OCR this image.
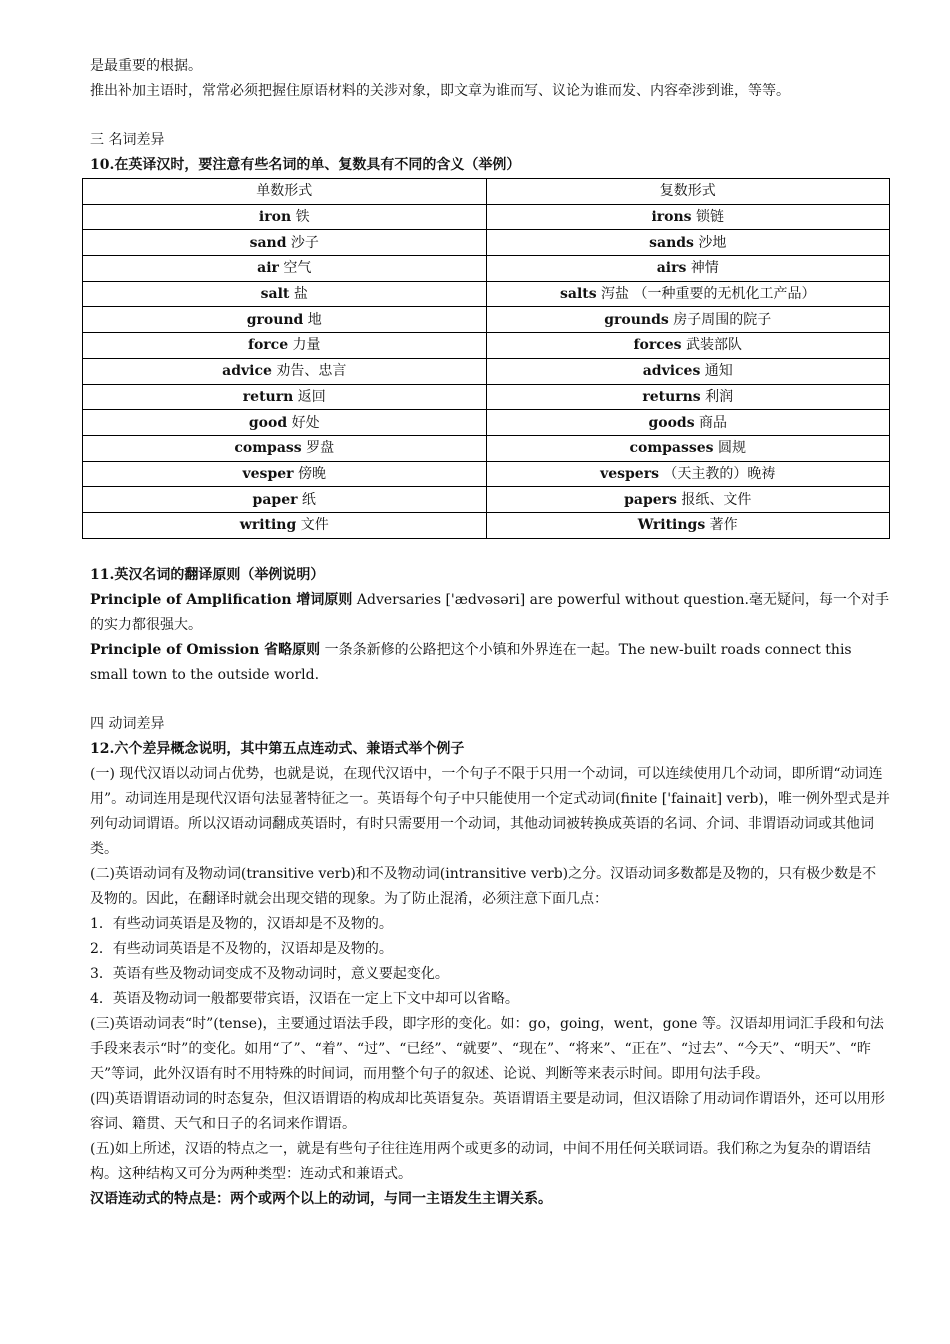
是最重要的根据。

推出补加主语时，常常必须把握住原语材料的关涉对象，即文章为谁而写、议论为谁而发、内容牵涉到谁，等等。

三 名词差异

10.在英译汉时，要注意有些名词的单、复数具有不同的含义（举例）

单数形式	复数形式
iron 铁	irons 锁链
sand 沙子	sands 沙地
air 空气	airs 神情
salt 盐	salts 泻盐 （一种重要的无机化工产品）
ground 地	grounds 房子周围的院子
force 力量	forces 武装部队
advice 劝告、忠言	advices 通知
return 返回	returns 利润
good 好处	goods 商品
compass 罗盘	compasses 圆规
vesper 傍晚	vespers （天主教的）晚祷
paper 纸	papers 报纸、文件
writing 文件	Writings 著作

11.英汉名词的翻译原则（举例说明）

Principle of Amplification 增词原则 Adversaries ['ædvəsəri] are powerful without question.毫无疑问，每一个对手的实力都很强大。

Principle of Omission 省略原则 一条条新修的公路把这个小镇和外界连在一起。The new-built roads connect this small town to the outside world.

四 动词差异

12.六个差异概念说明，其中第五点连动式、兼语式举个例子

(一) 现代汉语以动词占优势，也就是说，在现代汉语中，一个句子不限于只用一个动词，可以连续使用几个动词，即所谓“动词连用”。动词连用是现代汉语句法显著特征之一。英语每个句子中只能使用一个定式动词(finite ['fainait] verb)，唯一例外型式是并列句动词谓语。所以汉语动词翻成英语时，有时只需要用一个动词，其他动词被转换成英语的名词、介词、非谓语动词或其他词类。

(二)英语动词有及物动词(transitive verb)和不及物动词(intransitive verb)之分。汉语动词多数都是及物的，只有极少数是不及物的。因此，在翻译时就会出现交错的现象。为了防止混淆，必须注意下面几点：

1．有些动词英语是及物的，汉语却是不及物的。

2．有些动词英语是不及物的，汉语却是及物的。

3．英语有些及物动词变成不及物动词时，意义要起变化。

4．英语及物动词一般都要带宾语，汉语在一定上下文中却可以省略。

(三)英语动词表“时”(tense)，主要通过语法手段，即字形的变化。如：go，going，went，gone 等。汉语却用词汇手段和句法手段来表示“时”的变化。如用“了”、“着”、“过”、“已经”、“就要”、“现在”、“将来”、“正在”、“过去”、“今天”、“明天”、“昨天”等词，此外汉语有时不用特殊的时间词，而用整个句子的叙述、论说、判断等来表示时间。即用句法手段。

(四)英语谓语动词的时态复杂，但汉语谓语的构成却比英语复杂。英语谓语主要是动词，但汉语除了用动词作谓语外，还可以用形容词、籍贯、天气和日子的名词来作谓语。

(五)如上所述，汉语的特点之一，就是有些句子往往连用两个或更多的动词，中间不用任何关联词语。我们称之为复杂的谓语结构。这种结构又可分为两种类型：连动式和兼语式。

汉语连动式的特点是：两个或两个以上的动词，与同一主语发生主谓关系。
